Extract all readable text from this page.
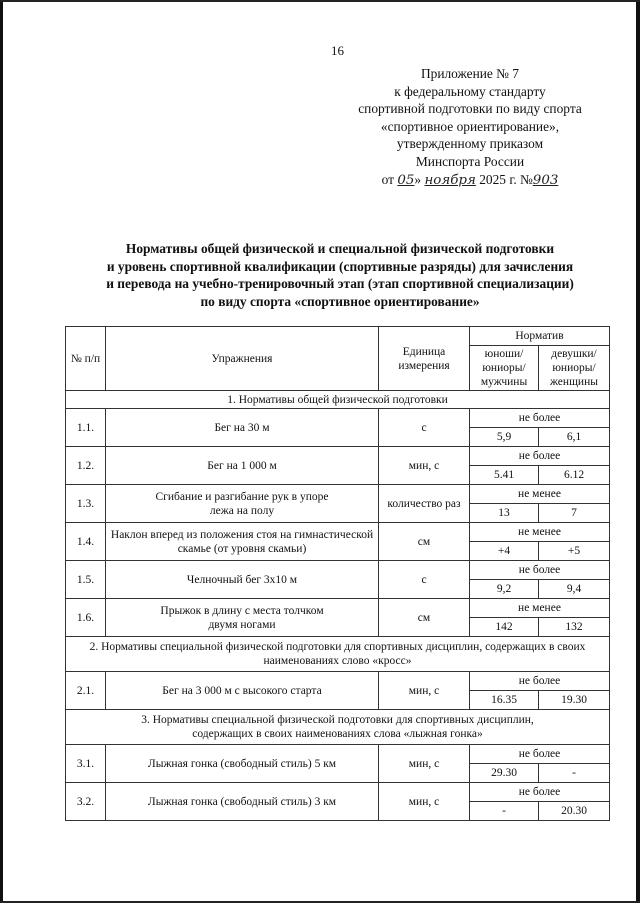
16
Приложение № 7
к федеральному стандарту
спортивной подготовки по виду спорта
«спортивное ориентирование»,
утвержденному приказом
Минспорта России
от 05» ноября 2025 г. №903
Нормативы общей физической и специальной физической подготовки
и уровень спортивной квалификации (спортивные разряды) для зачисления
и перевода на учебно-тренировочный этап (этап спортивной специализации)
по виду спорта «спортивное ориентирование»
№ п/п	Упражнения	Единица измерения	Норматив	
			юноши/ юниоры/ мужчины	девушки/ юниоры/ женщины
1. Нормативы общей физической подготовки				
1.1.	Бег на 30 м	с	не более	
			5,9	6,1
1.2.	Бег на 1 000 м	мин, с	не более	
			5.41	6.12
1.3.	Сгибание и разгибание рук в упоре лежа на полу	количество раз	не менее	
			13	7
1.4.	Наклон вперед из положения стоя на гимнастической скамье (от уровня скамьи)	см	не менее	
			+4	+5
1.5.	Челночный бег 3х10 м	с	не более	
			9,2	9,4
1.6.	Прыжок в длину с места толчком двумя ногами	см	не менее	
			142	132
2. Нормативы специальной физической подготовки для спортивных дисциплин, содержащих в своих наименованиях слово «кросс»				
2.1.	Бег на 3 000 м с высокого старта	мин, с	не более	
			16.35	19.30
3. Нормативы специальной физической подготовки для спортивных дисциплин, содержащих в своих наименованиях слова «лыжная гонка»				
3.1.	Лыжная гонка (свободный стиль) 5 км	мин, с	не более	
			29.30	-
3.2.	Лыжная гонка (свободный стиль) 3 км	мин, с	не более	
			-	20.30
